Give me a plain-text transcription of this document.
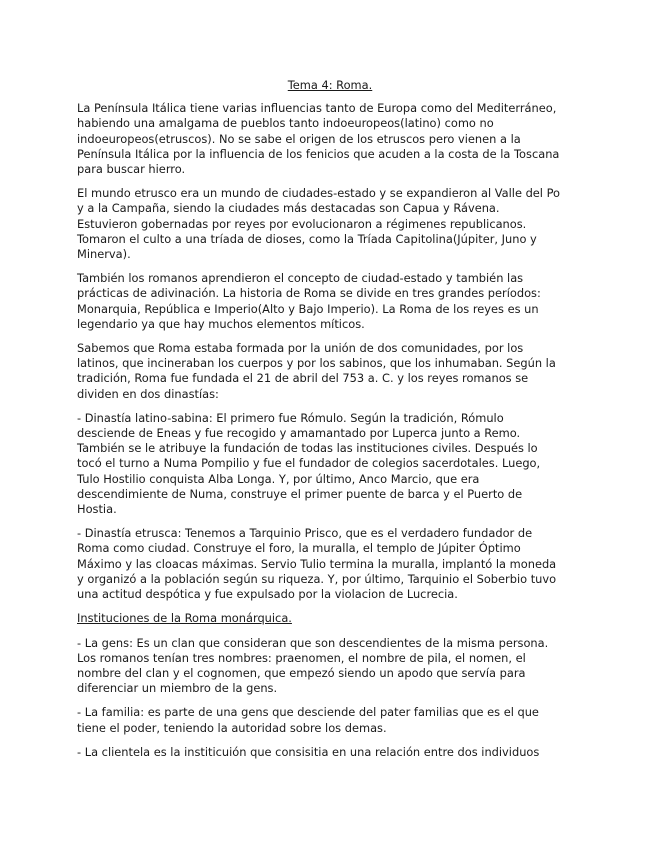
Tema 4: Roma.
La Península Itálica tiene varias influencias tanto de Europa como del Mediterráneo,
habiendo una amalgama de pueblos tanto indoeuropeos(latino) como no
indoeuropeos(etruscos). No se sabe el origen de los etruscos pero vienen a la
Península Itálica por la influencia de los fenicios que acuden a la costa de la Toscana
para buscar hierro.
El mundo etrusco era un mundo de ciudades-estado y se expandieron al Valle del Po
y a la Campaña, siendo la ciudades más destacadas son Capua y Rávena.
Estuvieron gobernadas por reyes por evolucionaron a régimenes republicanos.
Tomaron el culto a una tríada de dioses, como la Tríada Capitolina(Júpiter, Juno y
Minerva).
También los romanos aprendieron el concepto de ciudad-estado y también las
prácticas de adivinación. La historia de Roma se divide en tres grandes períodos:
Monarquia, República e Imperio(Alto y Bajo Imperio). La Roma de los reyes es un
legendario ya que hay muchos elementos míticos.
Sabemos que Roma estaba formada por la unión de dos comunidades, por los
latinos, que incineraban los cuerpos y por los sabinos, que los inhumaban. Según la
tradición, Roma fue fundada el 21 de abril del 753 a. C. y los reyes romanos se
dividen en dos dinastías:
- Dinastía latino-sabina: El primero fue Rómulo. Según la tradición, Rómulo
desciende de Eneas y fue recogido y amamantado por Luperca junto a Remo.
También se le atribuye la fundación de todas las instituciones civiles. Después lo
tocó el turno a Numa Pompilio y fue el fundador de colegios sacerdotales. Luego,
Tulo Hostilio conquista Alba Longa. Y, por último, Anco Marcio, que era
descendimiente de Numa, construye el primer puente de barca y el Puerto de
Hostia.
- Dinastía etrusca: Tenemos a Tarquinio Prisco, que es el verdadero fundador de
Roma como ciudad. Construye el foro, la muralla, el templo de Júpiter Óptimo
Máximo y las cloacas máximas. Servio Tulio termina la muralla, implantó la moneda
y organizó a la población según su riqueza. Y, por último, Tarquinio el Soberbio tuvo
una actitud despótica y fue expulsado por la violacion de Lucrecia.
Instituciones de la Roma monárquica.
- La gens: Es un clan que consideran que son descendientes de la misma persona.
Los romanos tenían tres nombres: praenomen, el nombre de pila, el nomen, el
nombre del clan y el cognomen, que empezó siendo un apodo que servía para
diferenciar un miembro de la gens.
- La familia: es parte de una gens que desciende del pater familias que es el que
tiene el poder, teniendo la autoridad sobre los demas.
- La clientela es la institicuión que consisitia en una relación entre dos individuos
